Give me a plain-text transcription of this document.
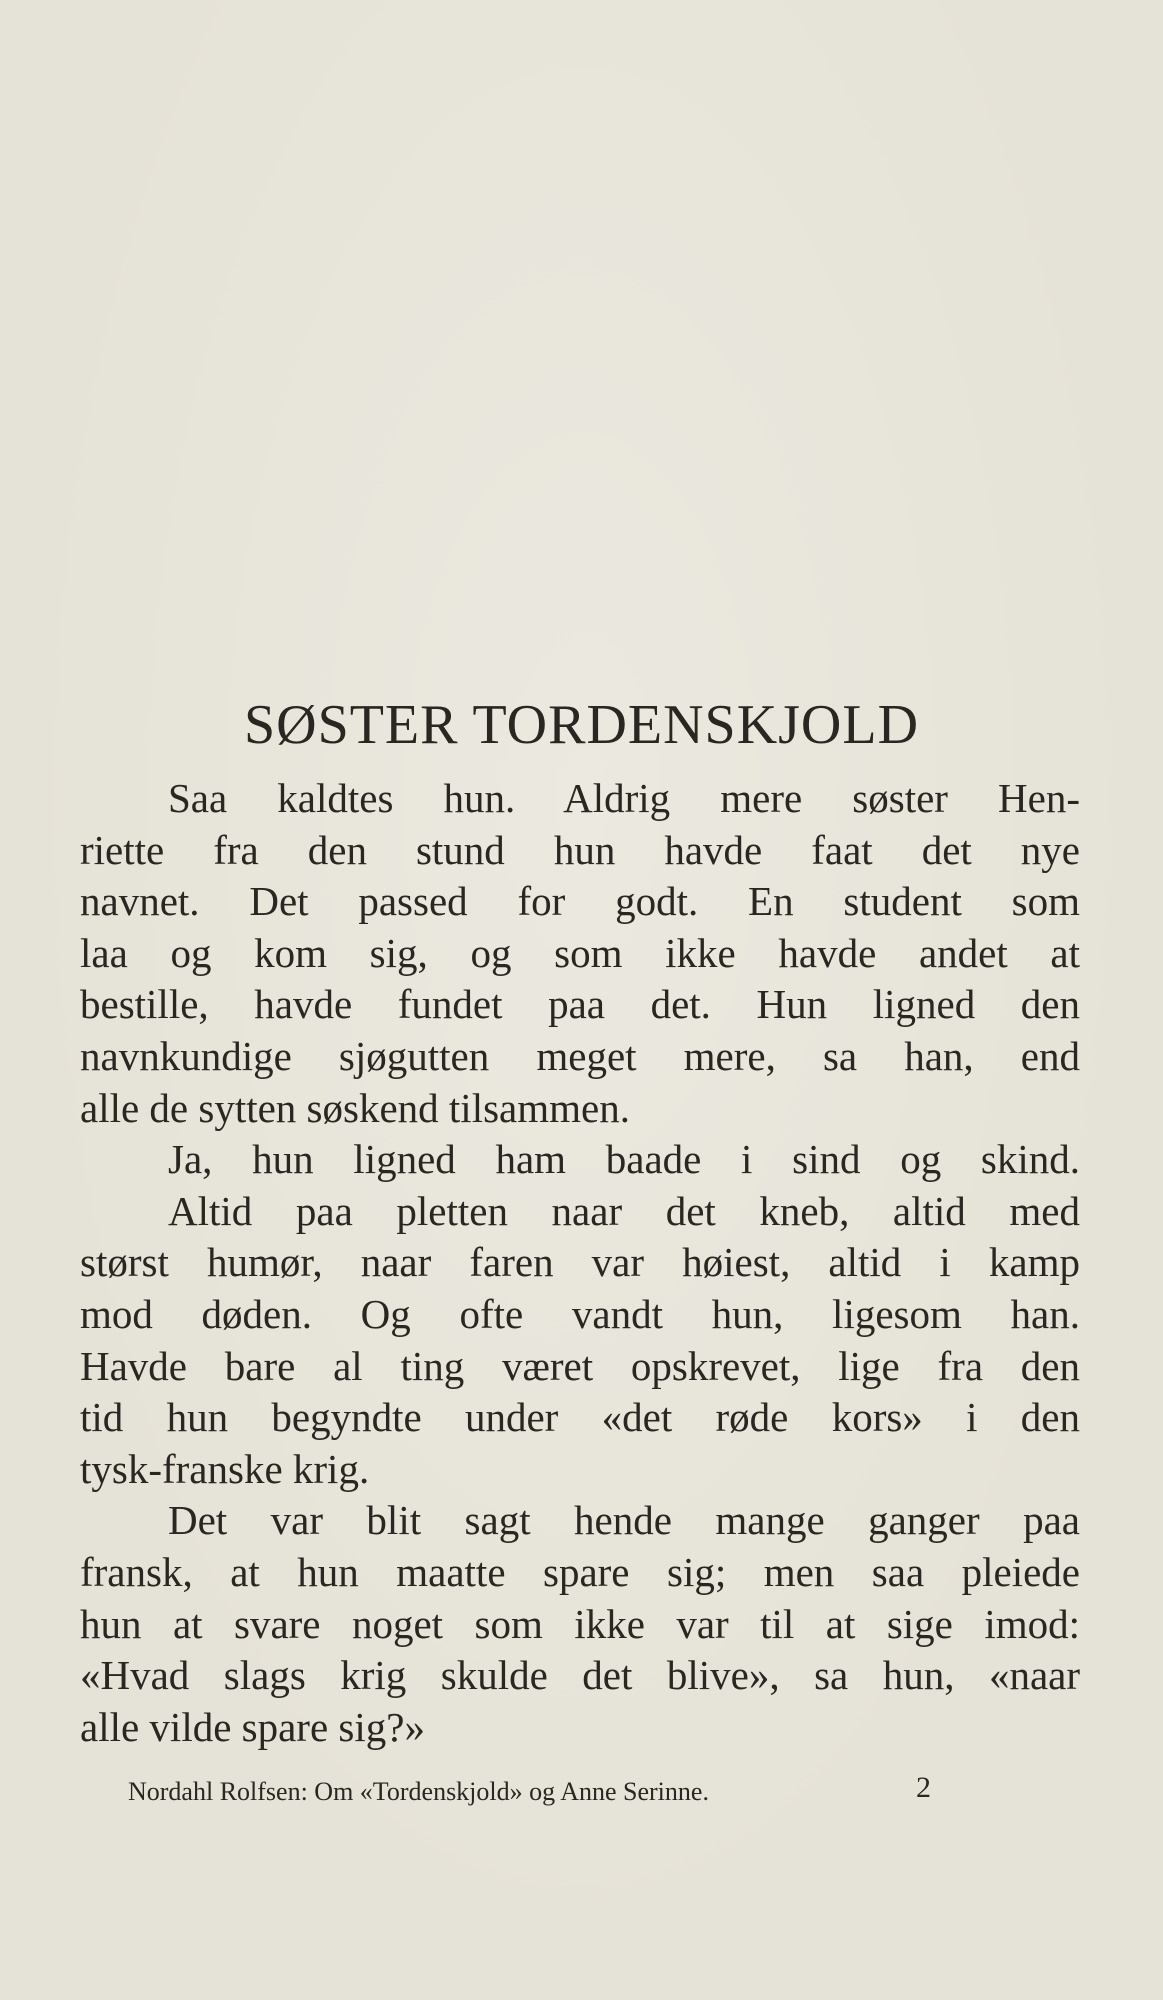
SØSTER TORDENSKJOLD
Saa kaldtes hun. Aldrig mere søster Hen-
riette fra den stund hun havde faat det nye
navnet. Det passed for godt. En student som
laa og kom sig, og som ikke havde andet at
bestille, havde fundet paa det. Hun ligned den
navnkundige sjøgutten meget mere, sa han, end
alle de sytten søskend tilsammen.
Ja, hun ligned ham baade i sind og skind.
Altid paa pletten naar det kneb, altid med
størst humør, naar faren var høiest, altid i kamp
mod døden. Og ofte vandt hun, ligesom han.
Havde bare al ting været opskrevet, lige fra den
tid hun begyndte under «det røde kors» i den
tysk-franske krig.
Det var blit sagt hende mange ganger paa
fransk, at hun maatte spare sig; men saa pleiede
hun at svare noget som ikke var til at sige imod:
«Hvad slags krig skulde det blive», sa hun, «naar
alle vilde spare sig?»
Nordahl Rolfsen: Om «Tordenskjold» og Anne Serinne.	2
